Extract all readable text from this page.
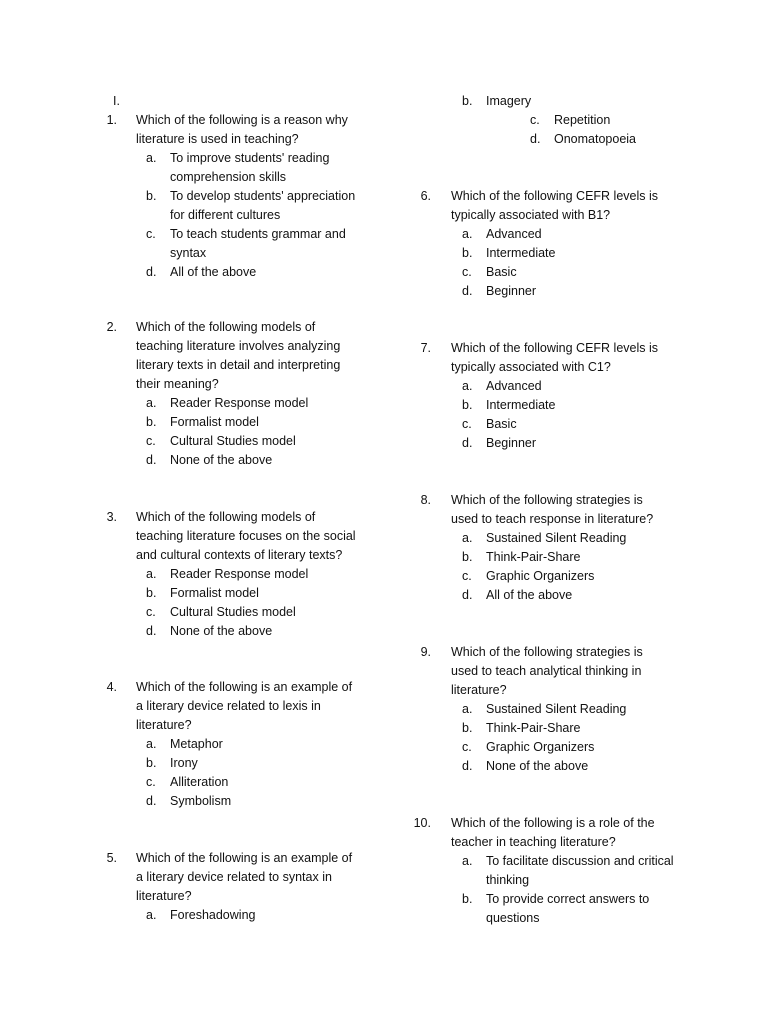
I.
1. Which of the following is a reason why
literature is used in teaching?
a. To improve students' reading
comprehension skills
b. To develop students' appreciation
for different cultures
c. To teach students grammar and
syntax
d. All of the above
2. Which of the following models of
teaching literature involves analyzing
literary texts in detail and interpreting
their meaning?
a. Reader Response model
b. Formalist model
c. Cultural Studies model
d. None of the above
3. Which of the following models of
teaching literature focuses on the social
and cultural contexts of literary texts?
a. Reader Response model
b. Formalist model
c. Cultural Studies model
d. None of the above
4. Which of the following is an example of
a literary device related to lexis in
literature?
a. Metaphor
b. Irony
c. Alliteration
d. Symbolism
5. Which of the following is an example of
a literary device related to syntax in
literature?
a. Foreshadowing
b. Imagery
c. Repetition
d. Onomatopoeia
6. Which of the following CEFR levels is
typically associated with B1?
a. Advanced
b. Intermediate
c. Basic
d. Beginner
7. Which of the following CEFR levels is
typically associated with C1?
a. Advanced
b. Intermediate
c. Basic
d. Beginner
8. Which of the following strategies is
used to teach response in literature?
a. Sustained Silent Reading
b. Think-Pair-Share
c. Graphic Organizers
d. All of the above
9. Which of the following strategies is
used to teach analytical thinking in
literature?
a. Sustained Silent Reading
b. Think-Pair-Share
c. Graphic Organizers
d. None of the above
10. Which of the following is a role of the
teacher in teaching literature?
a. To facilitate discussion and critical
thinking
b. To provide correct answers to
questions
